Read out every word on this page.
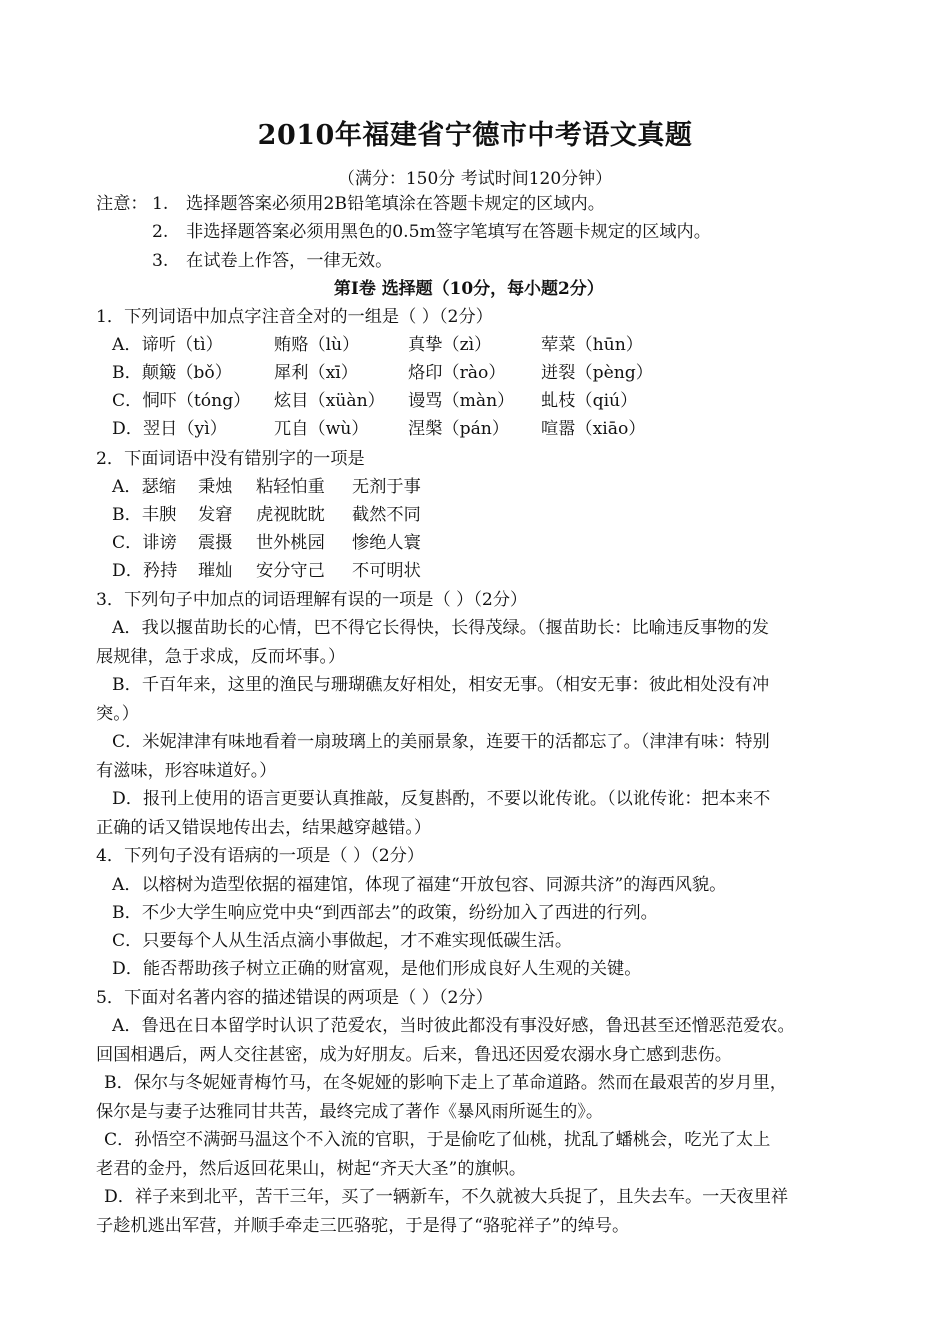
2010年福建省宁德市中考语文真题
（满分：150分 考试时间120分钟）
注意： 1. 选择题答案必须用2B铅笔填涂在答题卡规定的区域内。
2. 非选择题答案必须用黑色的0.5m签字笔填写在答题卡规定的区域内。
3. 在试卷上作答，一律无效。
第Ⅰ卷 选择题（10分，每小题2分）
1．下列词语中加点字注音全对的一组是（ ）（2分）
A．谛听（tì）	贿赂（lù）	真挚（zì）	荤菜（hūn）
B．颠簸（bǒ） 犀利（xī）	烙印（rào） 迸裂（pèng）
C．恫吓（tóng） 炫目（xüàn） 谩骂（màn） 虬枝（qiú）
D．翌日（yì）	兀自（wù） 涅槃（pán） 喧嚣（xiāo）
2．下面词语中没有错别字的一项是
A．瑟缩 秉烛 粘轻怕重 无剂于事
B．丰腴 发窘 虎视眈眈 截然不同
C．诽谤 震摄 世外桃园 惨绝人寰
D．矜持 璀灿 安分守己 不可明状
3．下列句子中加点的词语理解有误的一项是（ ）（2分）
A．我以揠苗助长的心情，巴不得它长得快，长得茂绿。（揠苗助长：比喻违反事物的发
展规律，急于求成，反而坏事。）
B．千百年来，这里的渔民与珊瑚礁友好相处，相安无事。（相安无事：彼此相处没有冲
突。）
C．米妮津津有味地看着一扇玻璃上的美丽景象，连要干的活都忘了。（津津有味：特别
有滋味，形容味道好。）
D．报刊上使用的语言更要认真推敲，反复斟酌，不要以讹传讹。（以讹传讹：把本来不
正确的话又错误地传出去，结果越穿越错。）
4．下列句子没有语病的一项是（ ）（2分）
A．以榕树为造型依据的福建馆，体现了福建“开放包容、同源共济”的海西风貌。
B．不少大学生响应党中央“到西部去”的政策，纷纷加入了西进的行列。
C．只要每个人从生活点滴小事做起，才不难实现低碳生活。
D．能否帮助孩子树立正确的财富观，是他们形成良好人生观的关键。
5．下面对名著内容的描述错误的两项是（ ）（2分）
A．鲁迅在日本留学时认识了范爱农，当时彼此都没有事没好感，鲁迅甚至还憎恶范爱农。
回国相遇后，两人交往甚密，成为好朋友。后来，鲁迅还因爱农溺水身亡感到悲伤。
B．保尔与冬妮娅青梅竹马，在冬妮娅的影响下走上了革命道路。然而在最艰苦的岁月里，
保尔是与妻子达雅同甘共苦，最终完成了著作《暴风雨所诞生的》。
C．孙悟空不满弼马温这个不入流的官职，于是偷吃了仙桃，扰乱了蟠桃会，吃光了太上
老君的金丹，然后返回花果山，树起“齐天大圣”的旗帜。
D．祥子来到北平，苦干三年，买了一辆新车，不久就被大兵捉了，且失去车。一天夜里祥
子趁机逃出军营，并顺手牵走三匹骆驼，于是得了“骆驼祥子”的绰号。
